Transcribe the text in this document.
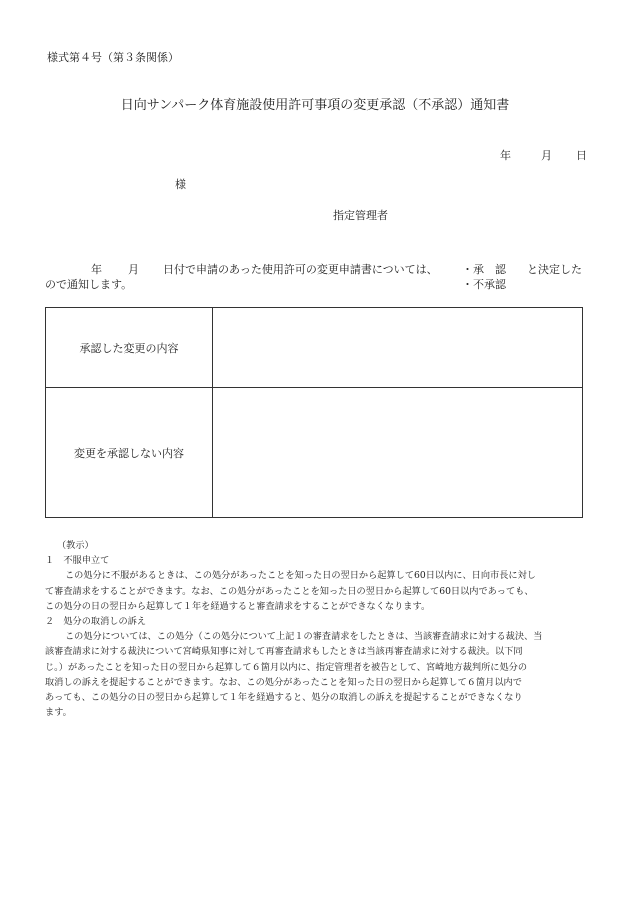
様式第４号（第３条関係）
日向サンパーク体育施設使用許可事項の変更承認（不承認）通知書
年	月 日
様
指定管理者
年 月 日付で申請のあった使用許可の変更申請書については、 ・承　認
・不承認
と決定した
ので通知します。
承認した変更の内容	
変更を承認しない内容	
（教示）
１　不服申立て
この処分に不服があるときは、この処分があったことを知った日の翌日から起算して60日以内に、日向市長に対し
て審査請求をすることができます。なお、この処分があったことを知った日の翌日から起算して60日以内であっても、
この処分の日の翌日から起算して１年を経過すると審査請求をすることができなくなります。
２　処分の取消しの訴え
この処分については、この処分（この処分について上記１の審査請求をしたときは、当該審査請求に対する裁決、当
該審査請求に対する裁決について宮崎県知事に対して再審査請求もしたときは当該再審査請求に対する裁決。以下同
じ。）があったことを知った日の翌日から起算して６箇月以内に、指定管理者を被告として、宮崎地方裁判所に処分の
取消しの訴えを提起することができます。なお、この処分があったことを知った日の翌日から起算して６箇月以内で
あっても、この処分の日の翌日から起算して１年を経過すると、処分の取消しの訴えを提起することができなくなり
ます。
